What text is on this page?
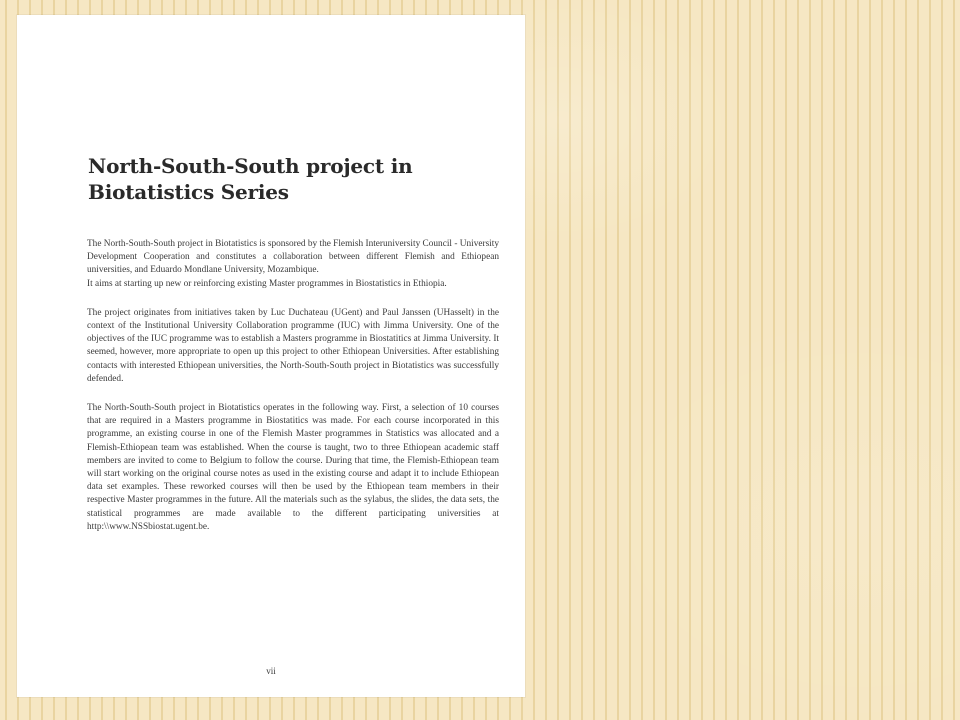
North-South-South project in Biotatistics Series

The North-South-South project in Biotatistics is sponsored by the Flemish Interuniversity Council - University Development Cooperation and constitutes a collaboration between different Flemish and Ethiopean universities, and Eduardo Mondlane University, Mozambique.

It aims at starting up new or reinforcing existing Master programmes in Biostatistics in Ethiopia.

The project originates from initiatives taken by Luc Duchateau (UGent) and Paul Janssen (UHasselt) in the context of the Institutional University Collaboration programme (IUC) with Jimma University. One of the objectives of the IUC programme was to establish a Masters programme in Biostatitics at Jimma University. It seemed, however, more appropriate to open up this project to other Ethiopean Universities. After establishing contacts with interested Ethiopean universities, the North-South-South project in Biotatistics was successfully defended.

The North-South-South project in Biotatistics operates in the following way. First, a selection of 10 courses that are required in a Masters programme in Biostatitics was made. For each course incorporated in this programme, an existing course in one of the Flemish Master programmes in Statistics was allocated and a Flemish-Ethiopean team was established. When the course is taught, two to three Ethiopean academic staff members are invited to come to Belgium to follow the course. During that time, the Flemish-Ethiopean team will start working on the original course notes as used in the existing course and adapt it to include Ethiopean data set examples. These reworked courses will then be used by the Ethiopean team members in their respective Master programmes in the future. All the materials such as the sylabus, the slides, the data sets, the statistical programmes are made available to the different participating universities at http:\\www.NSSbiostat.ugent.be.

vii
